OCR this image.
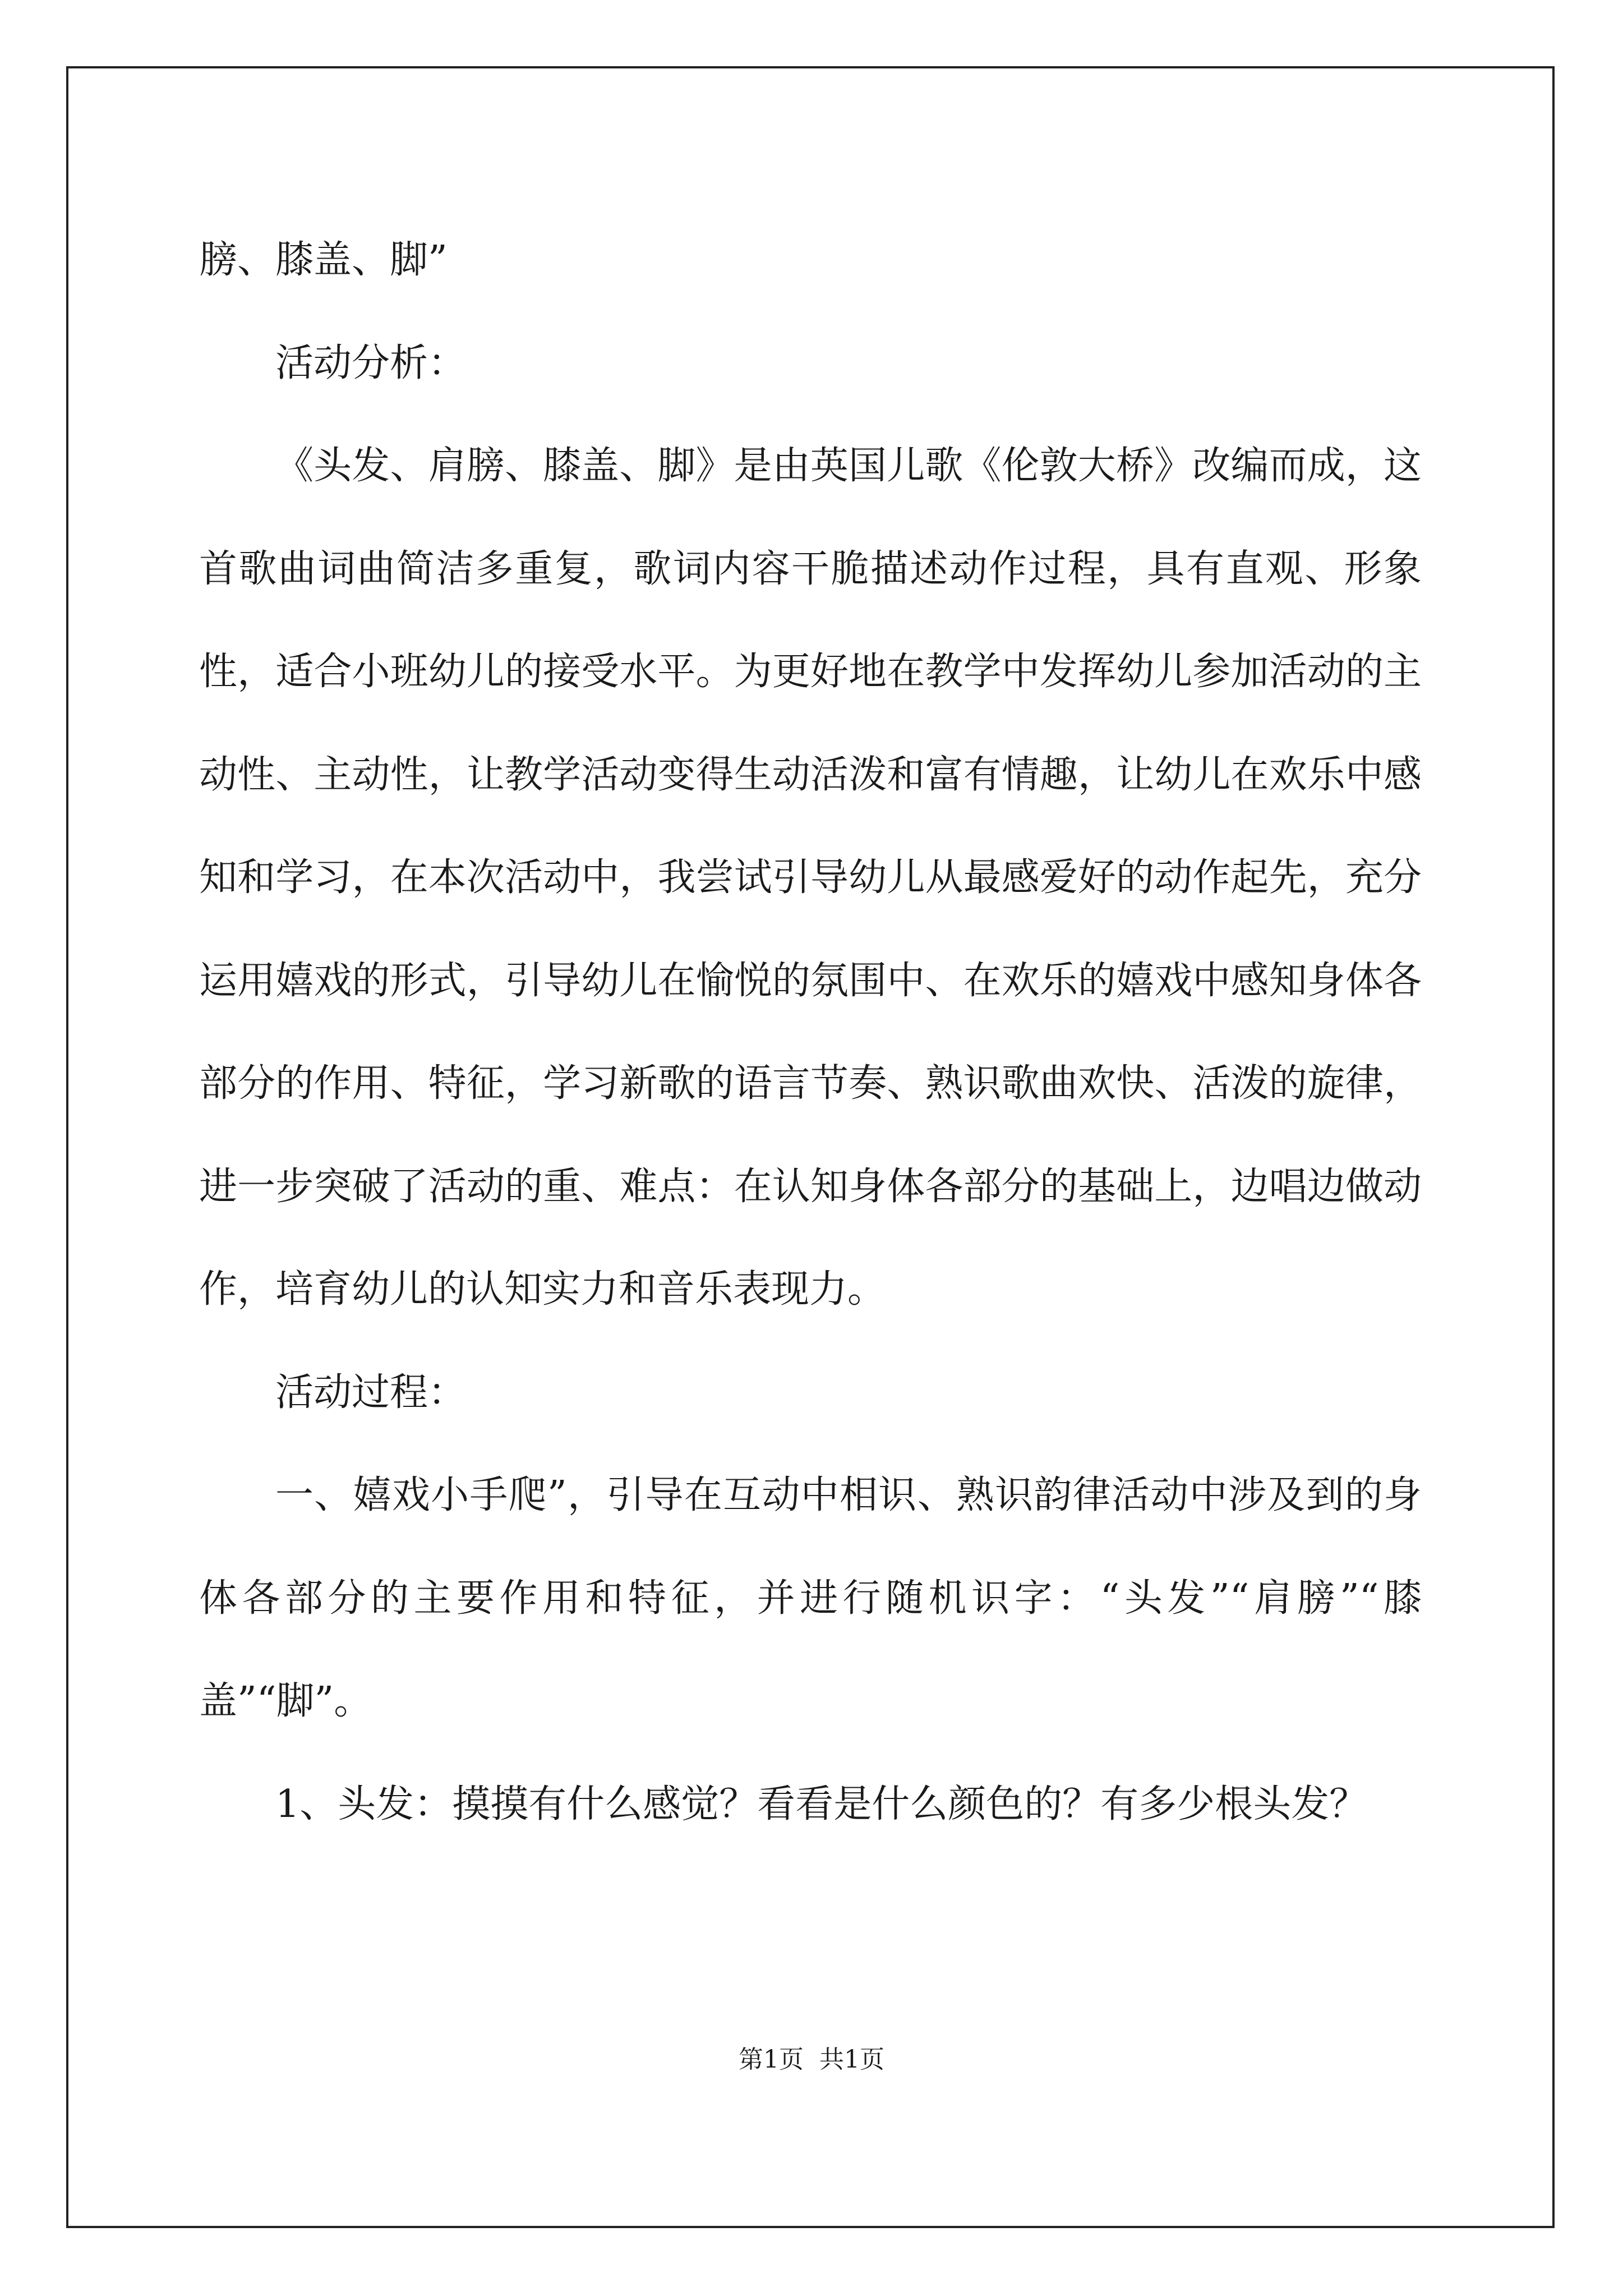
膀、膝盖、脚”

活动分析：

《头发、肩膀、膝盖、脚》是由英国儿歌《伦敦大桥》改编而成，这首歌曲词曲简洁多重复，歌词内容干脆描述动作过程，具有直观、形象性，适合小班幼儿的接受水平。为更好地在教学中发挥幼儿参加活动的主动性、主动性，让教学活动变得生动活泼和富有情趣，让幼儿在欢乐中感知和学习，在本次活动中，我尝试引导幼儿从最感爱好的动作起先，充分运用嬉戏的形式，引导幼儿在愉悦的氛围中、在欢乐的嬉戏中感知身体各部分的作用、特征，学习新歌的语言节奏、熟识歌曲欢快、活泼的旋律，进一步突破了活动的重、难点：在认知身体各部分的基础上，边唱边做动作，培育幼儿的认知实力和音乐表现力。

活动过程：

一、嬉戏小手爬”，引导在互动中相识、熟识韵律活动中涉及到的身体各部分的主要作用和特征，并进行随机识字：“头发”“肩膀”“膝盖”“脚”。

1、头发：摸摸有什么感觉？看看是什么颜色的？有多少根头发？

第1页  共1页
